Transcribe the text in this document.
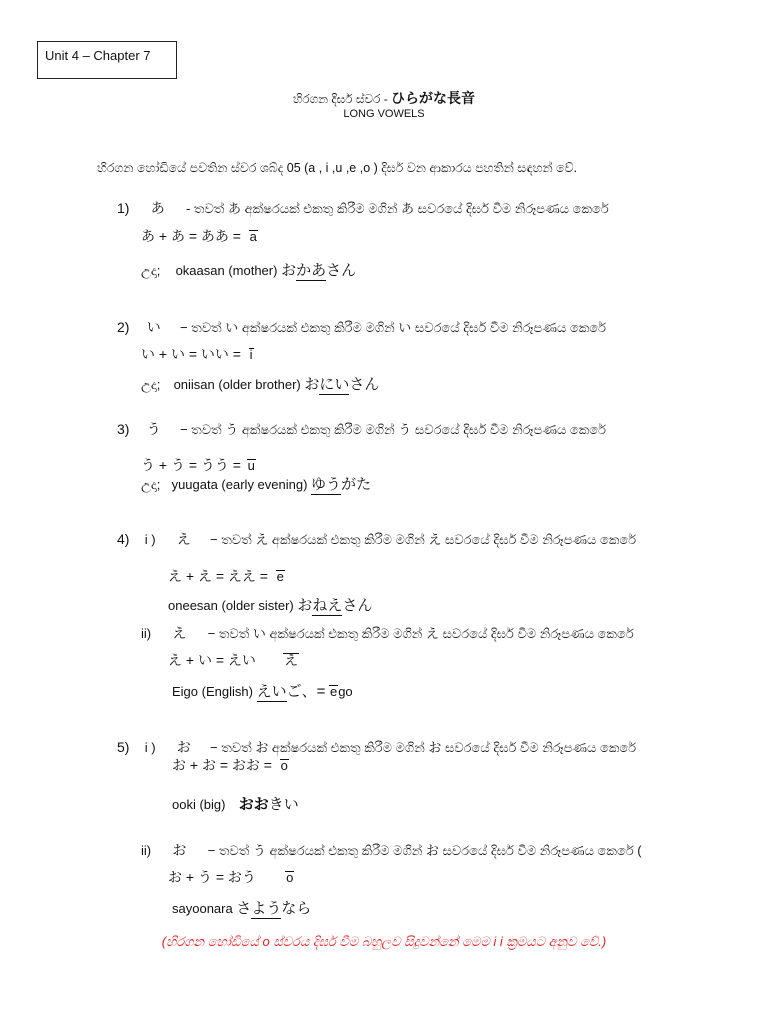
Unit 4 – Chapter 7
හිරගන දිර්ඝ ස්වර - ひらがな長音
LONG VOWELS
හිරගන හෝඩියේ පවතින ස්වර ශබ්ද 05 (a , i ,u ,e ,o ) දිර්ඝ වන ආකාරය පහතින් සඳහන් වේ.
1) あ - තවත් あ අක්ෂරයක් එකතු කිරීම මගින් あ සවරයේ දිර්ඝ වීම නිරූපණය කෙරේ
あ + あ = ああ = a
උදා; okaasan (mother) おかあさん
2) い − තවත් い අක්ෂරයක් එකතු කිරීම මගින් い සවරයේ දිර්ඝ වීම නිරූපණය කෙරේ
い + い = いい = i
උදා; oniisan (older brother) おにいさん
3) う − තවත් う අක්ෂරයක් එකතු කිරීම මගින් う සවරයේ දිර්ඝ වීම නිරූපණය කෙරේ
う + う = うう = u
උදා; yuugata (early evening) ゆうがた
4) i ) え − තවත් え අක්ෂරයක් එකතු කිරීම මගින් え සවරයේ දිර්ඝ වීම නිරූපණය කෙරේ
え + え = ええ = e
oneesan (older sister) おねえさん
ii) え − තවත් い අක්ෂරයක් එකතු කිරීම මගින් え සවරයේ දිර්ඝ වීම නිරූපණය කෙරේ
え + い = えい え
Eigo (English) えいご、= ego
5) i ) お − තවත් お අක්ෂරයක් එකතු කිරීම මගින් お සවරයේ දිර්ඝ වීම නිරූපණය කෙරේ
お + お = おお = o
ooki (big) おおきい
ii) お − තවත් う අක්ෂරයක් එකතු කිරීම මගින් お සවරයේ දිර්ඝ වීම නිරූපණය කෙරේ (
お + う = おう o
sayoonara さようなら
(හිරගන හෝඩියේ o ස්වරය දිර්ඝ වීම බහුලව සිදුවන්නේ මෙම i i ක්‍රමයට අනුව වේ.)
